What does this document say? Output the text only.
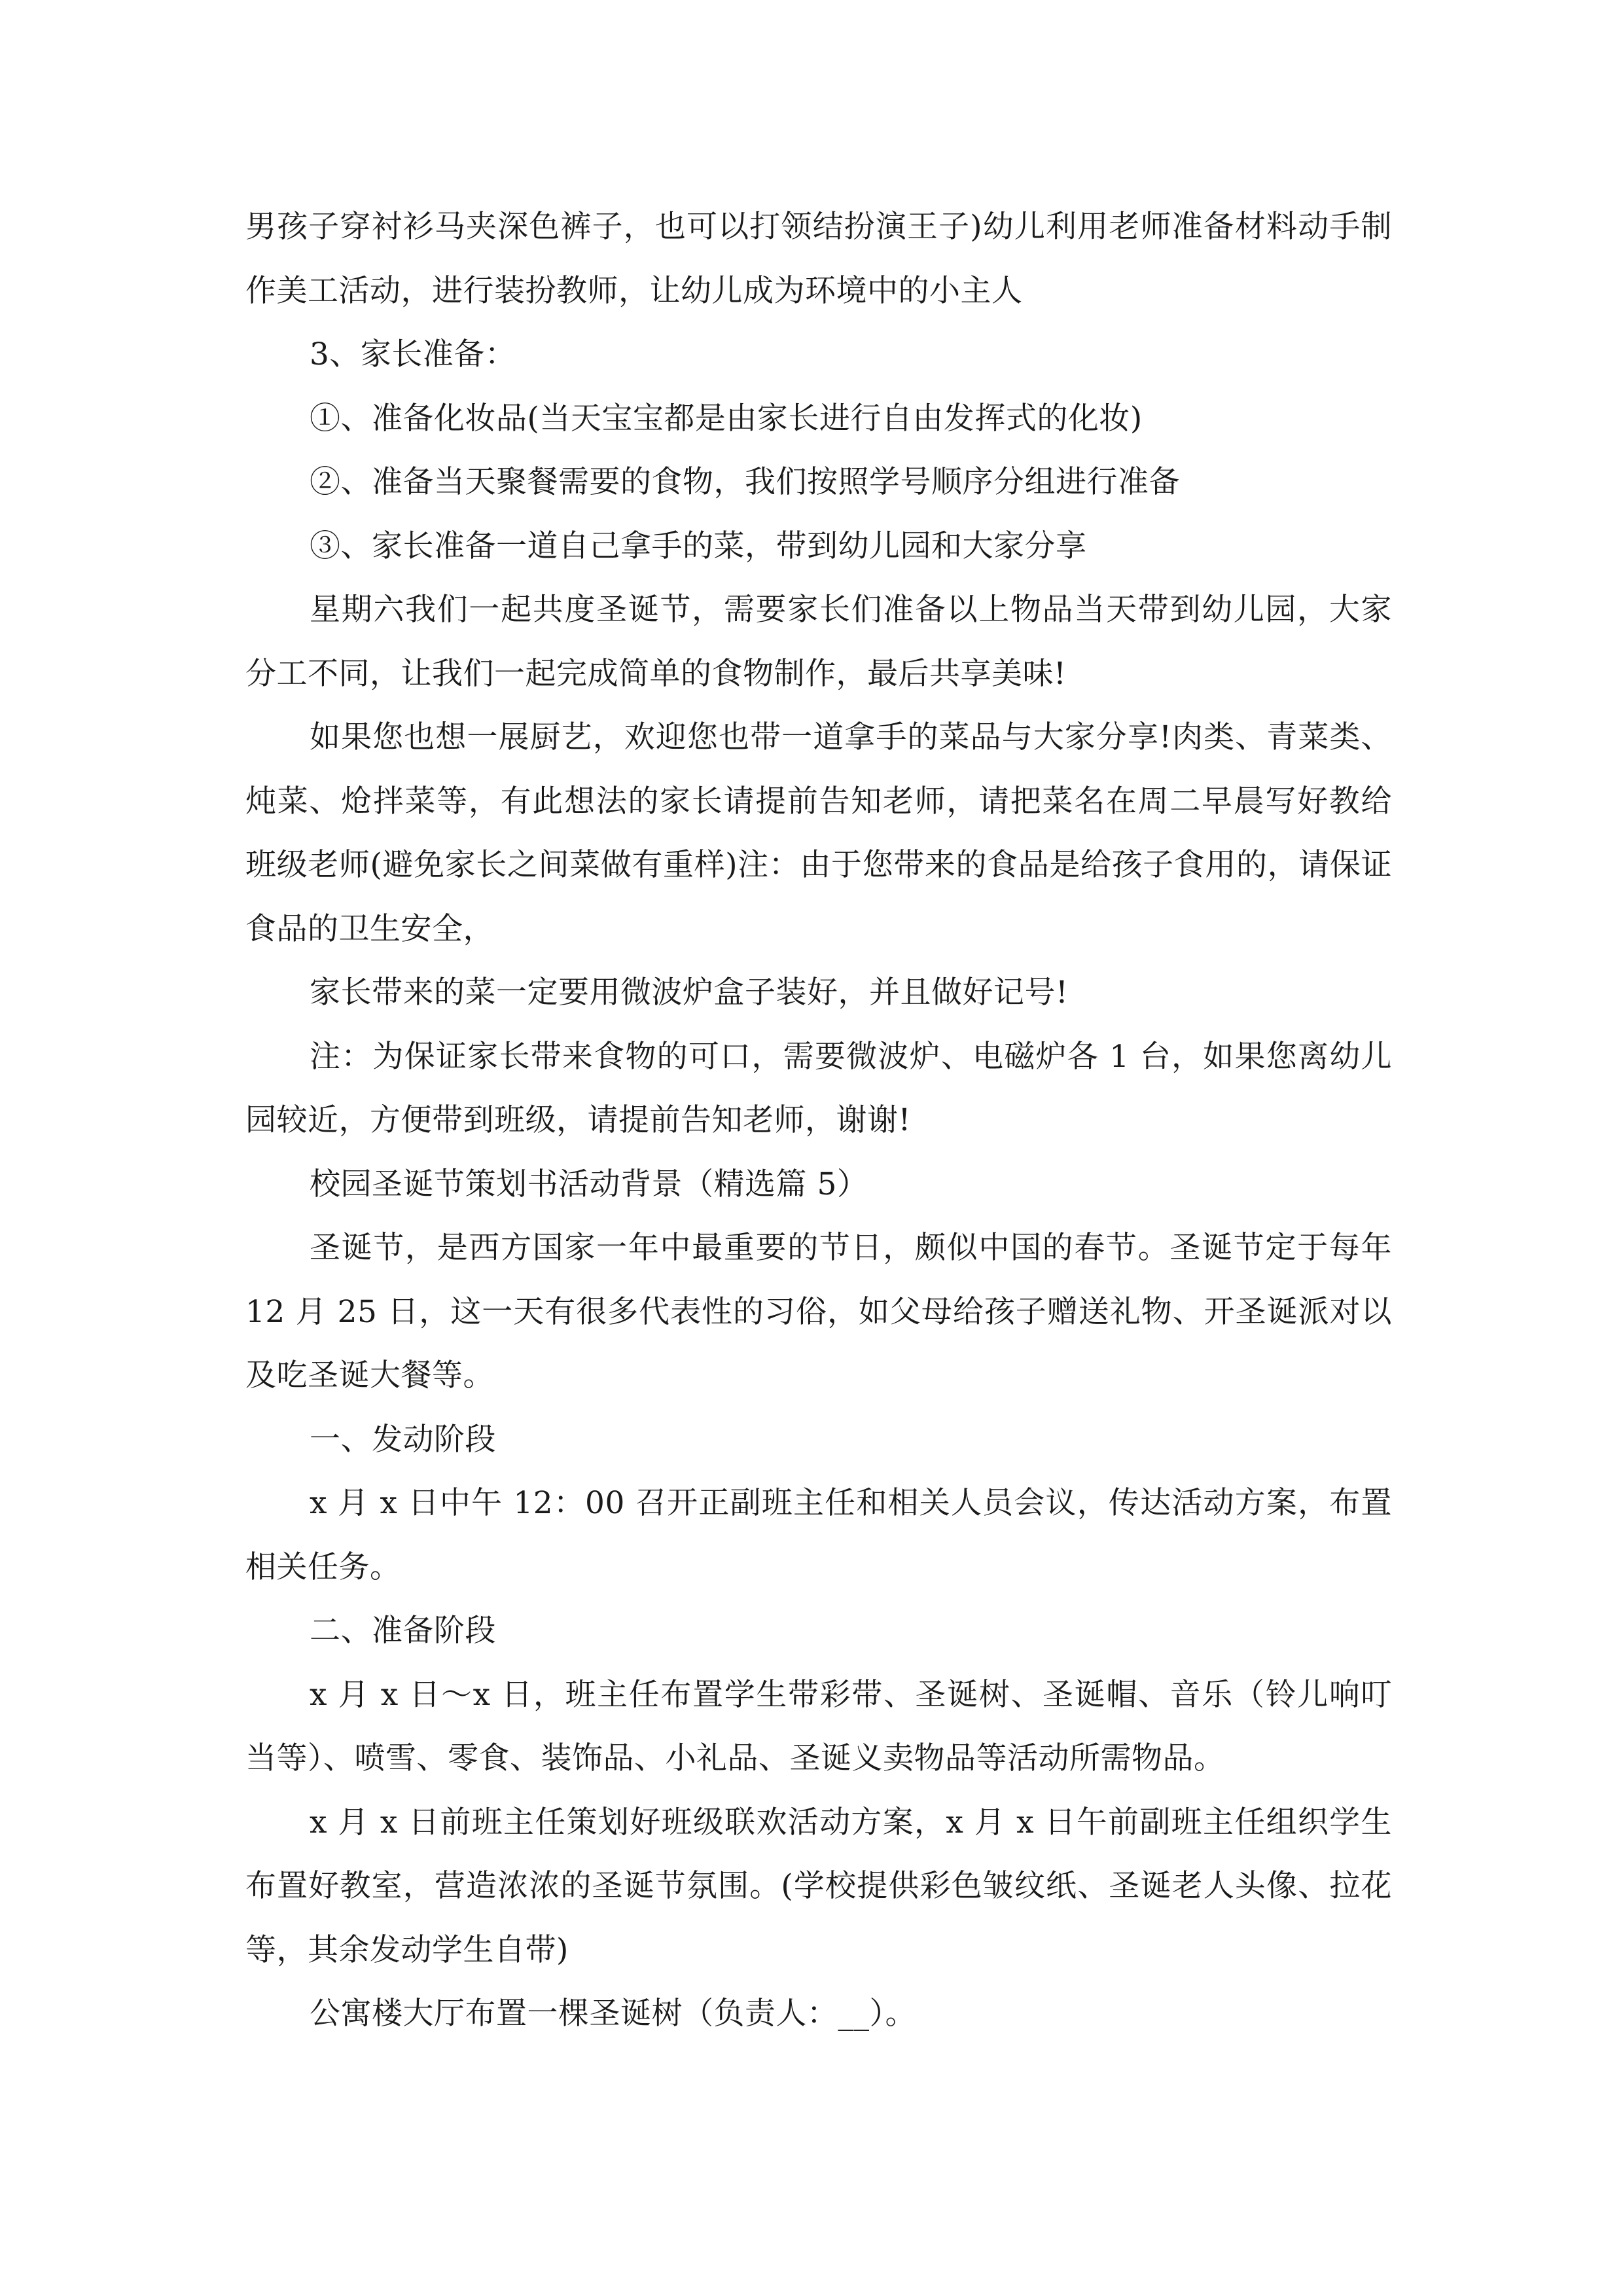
男孩子穿衬衫马夹深色裤子，也可以打领结扮演王子)幼儿利用老师准备材料动手制作美工活动，进行装扮教师，让幼儿成为环境中的小主人

3、家长准备：

①、准备化妆品(当天宝宝都是由家长进行自由发挥式的化妆)

②、准备当天聚餐需要的食物，我们按照学号顺序分组进行准备

③、家长准备一道自己拿手的菜，带到幼儿园和大家分享

星期六我们一起共度圣诞节，需要家长们准备以上物品当天带到幼儿园，大家分工不同，让我们一起完成简单的食物制作，最后共享美味!

如果您也想一展厨艺，欢迎您也带一道拿手的菜品与大家分享!肉类、青菜类、炖菜、炝拌菜等，有此想法的家长请提前告知老师，请把菜名在周二早晨写好教给班级老师(避免家长之间菜做有重样)注：由于您带来的食品是给孩子食用的，请保证食品的卫生安全，

家长带来的菜一定要用微波炉盒子装好，并且做好记号!

注：为保证家长带来食物的可口，需要微波炉、电磁炉各 1 台，如果您离幼儿园较近，方便带到班级，请提前告知老师，谢谢!

校园圣诞节策划书活动背景（精选篇 5）

圣诞节，是西方国家一年中最重要的节日，颇似中国的春节。圣诞节定于每年 12 月 25 日，这一天有很多代表性的习俗，如父母给孩子赠送礼物、开圣诞派对以及吃圣诞大餐等。

一、发动阶段

x 月 x 日中午 12：00 召开正副班主任和相关人员会议，传达活动方案，布置相关任务。

二、准备阶段

x 月 x 日～x 日，班主任布置学生带彩带、圣诞树、圣诞帽、音乐（铃儿响叮当等）、喷雪、零食、装饰品、小礼品、圣诞义卖物品等活动所需物品。

x 月 x 日前班主任策划好班级联欢活动方案，x 月 x 日午前副班主任组织学生布置好教室，营造浓浓的圣诞节氛围。(学校提供彩色皱纹纸、圣诞老人头像、拉花等，其余发动学生自带)

公寓楼大厅布置一棵圣诞树（负责人：__）。
